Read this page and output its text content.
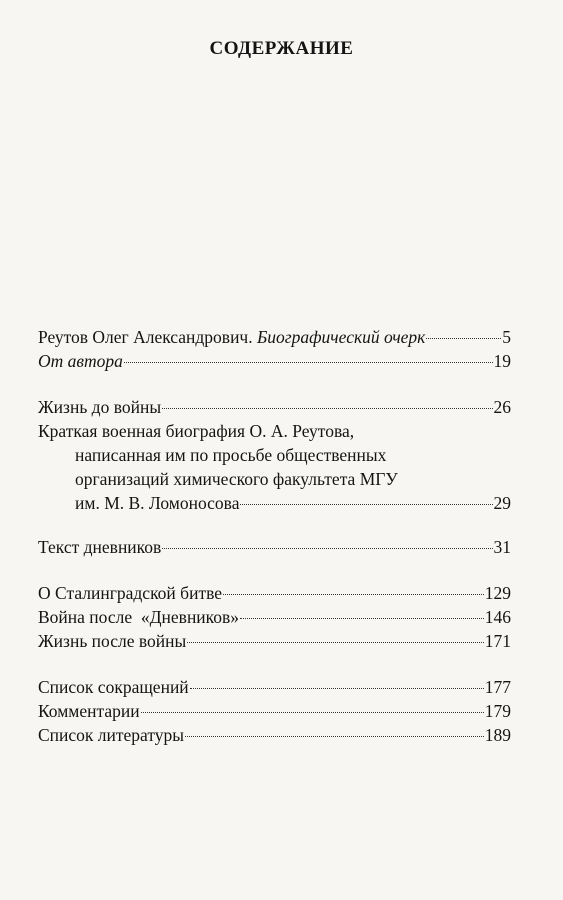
СОДЕРЖАНИЕ
Реутов Олег Александрович. Биографический очерк	5
От автора	19
Жизнь до войны	26
Краткая военная биография О. А. Реутова,
написанная им по просьбе общественных
организаций химического факультета МГУ
им. М. В. Ломоносова	29
Текст дневников	31
О Сталинградской битве	129
Война после  «Дневников»	146
Жизнь после войны	171
Список сокращений	177
Комментарии	179
Список литературы	189
